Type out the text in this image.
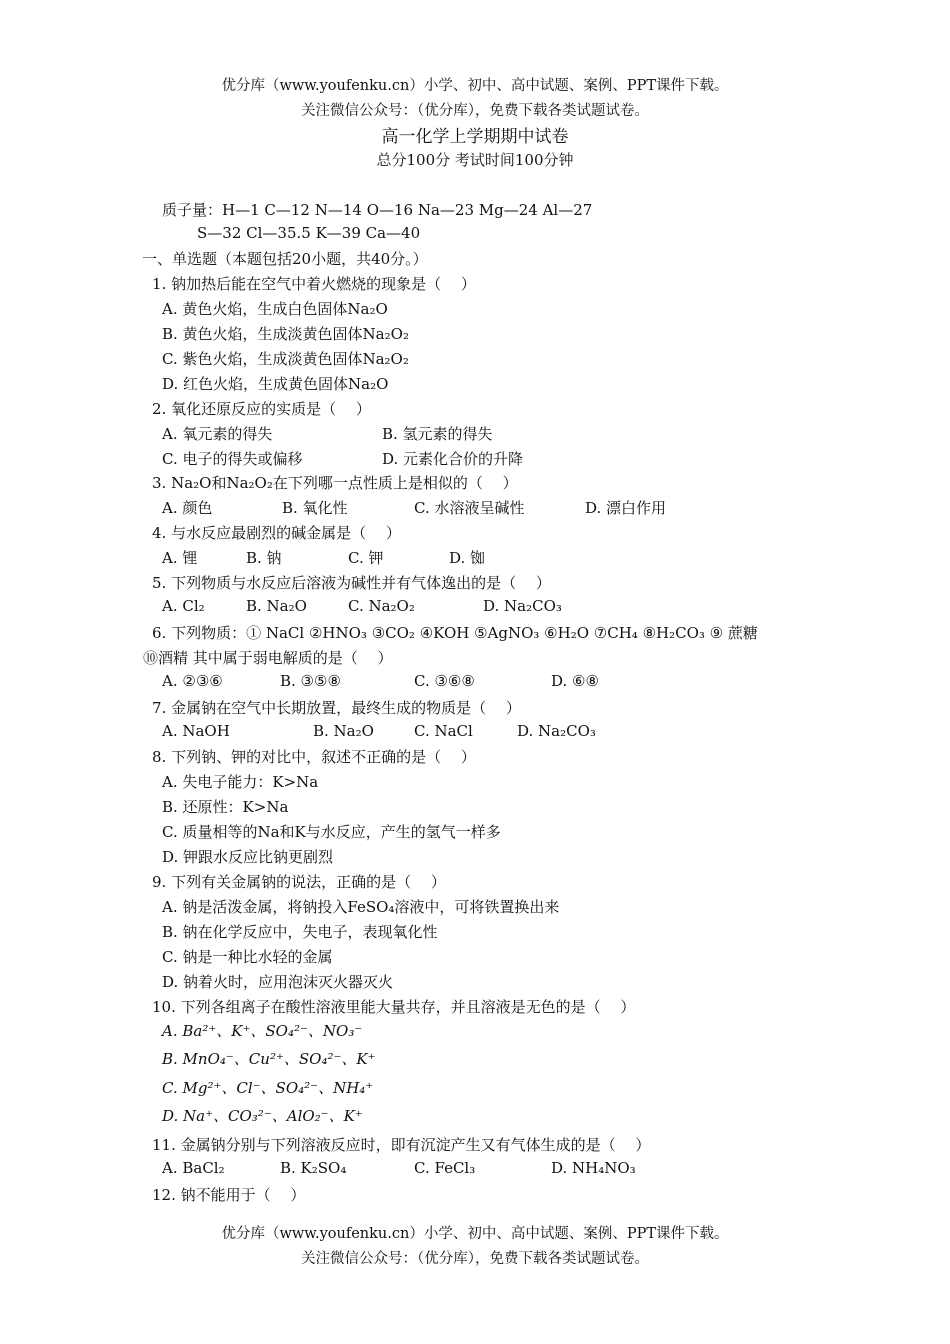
优分库（www.youfenku.cn）小学、初中、高中试题、案例、PPT课件下载。
关注微信公众号：（优分库），免费下载各类试题试卷。
高一化学上学期期中试卷
总分100分 考试时间100分钟
质子量：H—1 C—12 N—14 O—16 Na—23 Mg—24 Al—27
S—32 Cl—35.5 K—39 Ca—40
一、单选题（本题包括20小题，共40分。）
1. 钠加热后能在空气中着火燃烧的现象是（　 ）
A. 黄色火焰，生成白色固体Na₂O
B. 黄色火焰，生成淡黄色固体Na₂O₂
C. 紫色火焰，生成淡黄色固体Na₂O₂
D. 红色火焰，生成黄色固体Na₂O
2. 氧化还原反应的实质是（　 ）
A. 氧元素的得失	B. 氢元素的得失
C. 电子的得失或偏移	D. 元素化合价的升降
3. Na₂O和Na₂O₂在下列哪一点性质上是相似的（　 ）
A. 颜色	B. 氧化性	C. 水溶液呈碱性	D. 漂白作用
4. 与水反应最剧烈的碱金属是（　 ）
A. 锂	B. 钠	C. 钾	D. 铷
5. 下列物质与水反应后溶液为碱性并有气体逸出的是（　 ）
A. Cl₂	B. Na₂O	C. Na₂O₂	D. Na₂CO₃
6. 下列物质：① NaCl ②HNO₃ ③CO₂ ④KOH ⑤AgNO₃ ⑥H₂O ⑦CH₄ ⑧H₂CO₃ ⑨ 蔗糖
⑩酒精 其中属于弱电解质的是（　 ）
A. ②③⑥	B. ③⑤⑧	C. ③⑥⑧	D. ⑥⑧
7. 金属钠在空气中长期放置，最终生成的物质是（　 ）
A. NaOH	B. Na₂O	C. NaCl	D. Na₂CO₃
8. 下列钠、钾的对比中，叙述不正确的是（　 ）
A. 失电子能力：K>Na
B. 还原性：K>Na
C. 质量相等的Na和K与水反应，产生的氢气一样多
D. 钾跟水反应比钠更剧烈
9. 下列有关金属钠的说法，正确的是（　 ）
A. 钠是活泼金属，将钠投入FeSO₄溶液中，可将铁置换出来
B. 钠在化学反应中，失电子，表现氧化性
C. 钠是一种比水轻的金属
D. 钠着火时，应用泡沫灭火器灭火
10. 下列各组离子在酸性溶液里能大量共存，并且溶液是无色的是（　 ）
A. Ba²⁺、K⁺、SO₄²⁻、NO₃⁻
B. MnO₄⁻、Cu²⁺、SO₄²⁻、K⁺
C. Mg²⁺、Cl⁻、SO₄²⁻、NH₄⁺
D. Na⁺、CO₃²⁻、AlO₂⁻、K⁺
11. 金属钠分别与下列溶液反应时，即有沉淀产生又有气体生成的是（　 ）
A. BaCl₂	B. K₂SO₄	C. FeCl₃	D. NH₄NO₃
12. 钠不能用于（　 ）
优分库（www.youfenku.cn）小学、初中、高中试题、案例、PPT课件下载。
关注微信公众号：（优分库），免费下载各类试题试卷。
